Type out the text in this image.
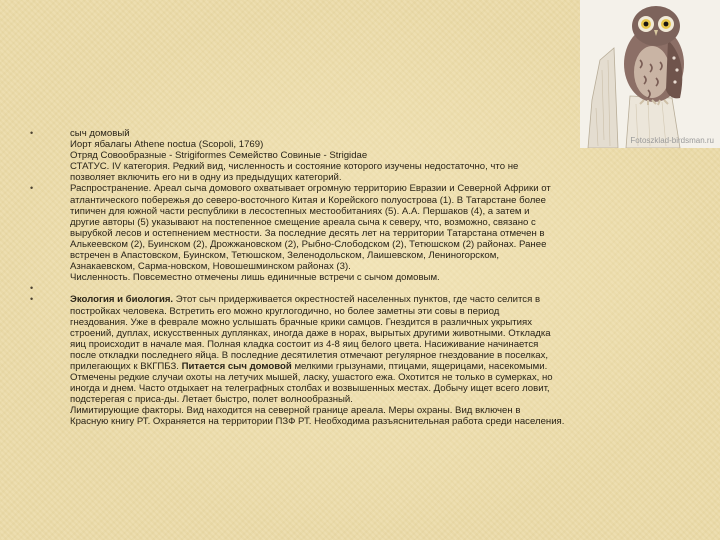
Fotoszklad-birdsman.ru
•	сыч домовый
Иорт ябалагы Athene noctua (Scopoli, 1769)
Отряд Совообразные - Strigiformes Семейство Совиные - Strigidae
СТАТУС. IV категория. Редкий вид, численность и состояние которого изучены недостаточно, что не
позволяет включить его ни в одну из предыдущих категорий.
•	Распространение. Ареал сыча домового охватывает огромную территорию Евразии и Северной Африки от
атлантического побережья до северо-восточного Китая и Корейского полуострова (1). В Татарстане более
типичен для южной части республики в лесостепных местообитаниях (5). А.А. Першаков (4), а затем и
другие авторы (5) указывают на постепенное смещение ареала сыча к северу, что, возможно, связано с
вырубкой лесов и остепнением местности. За последние десять лет на территории Татарстана отмечен в
Алькеевском (2), Буинском (2), Дрожжановском (2), Рыбно-Слободском (2), Тетюшском (2) районах. Ранее
встречен в Апастовском, Буинском, Тетюшском, Зеленодольском, Лаишевском, Лениногорском,
Азнакаевском, Сарма-новском, Новошешминском районах (3).
Численность. Повсеместно отмечены лишь единичные встречи с сычом домовым.
•
•	Экология и биология. Этот сыч придерживается окрестностей населенных пунктов, где часто селится в
постройках человека. Встретить его можно круглогодично, но более заметны эти совы в период
гнездования. Уже в феврале можно услышать брачные крики самцов. Гнездится в различных укрытиях
строений, дуплах, искусственных дуплянках, иногда даже в норах, вырытых другими животными. Откладка
яиц происходит в начале мая. Полная кладка состоит из 4-8 яиц белого цвета. Насиживание начинается
после откладки последнего яйца. В последние десятилетия отмечают регулярное гнездование в поселках,
прилегающих к ВКГПБЗ. Питается сыч домовой мелкими грызунами, птицами, ящерицами, насекомыми.
Отмечены редкие случаи охоты на летучих мышей, ласку, ушастого ежа. Охотится не только в сумерках, но
иногда и днем. Часто отдыхает на телеграфных столбах и возвышенных местах. Добычу ищет всего ловит,
подстерегая с приса-ды. Летает быстро, полет волнообразный.
Лимитирующие факторы. Вид находится на северной границе ареала. Меры охраны. Вид включен в
Красную книгу РТ. Охраняется на территории ПЗФ РТ. Необходима разъяснительная работа среди населения.
